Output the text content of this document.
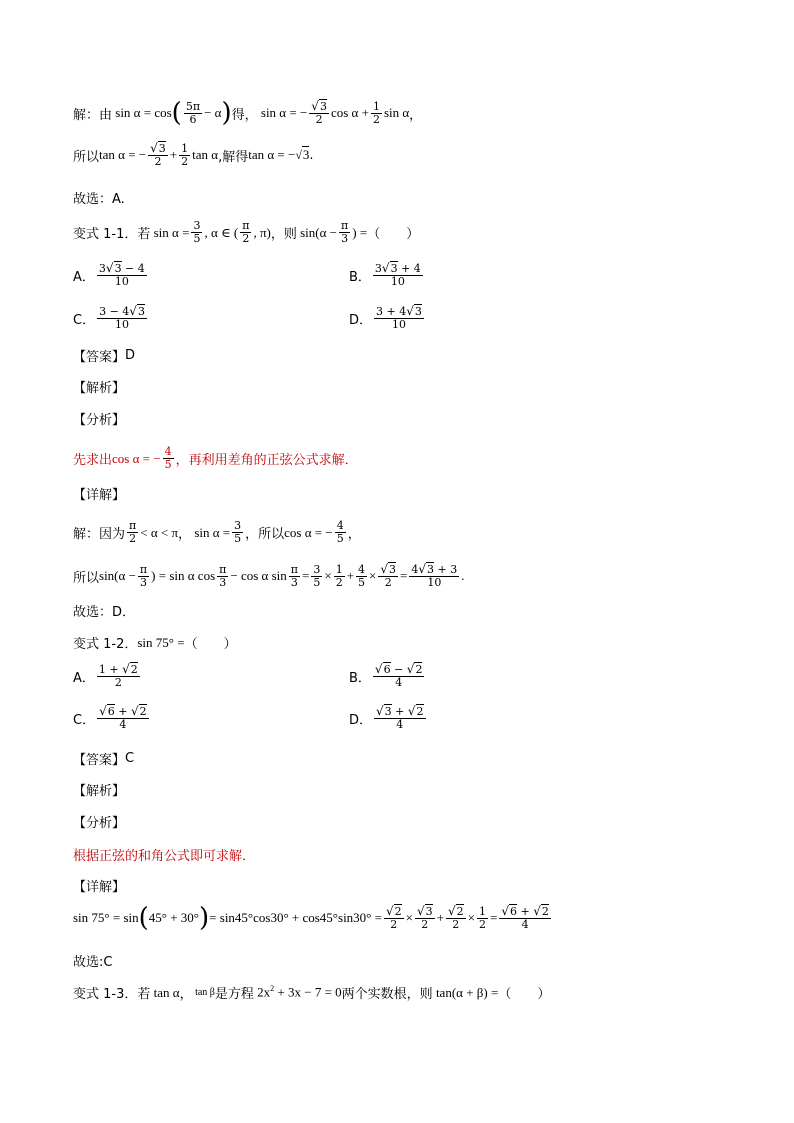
解：由 sin α = cos ( $\frac{5\pi}{6} - \alpha$ ) 得， sin α = − $\frac{√3}{2}$ $\cos \alpha + \frac{1}{2}$ sin α ，
所以 tan α = − $\frac{√3}{2} + \frac{1}{2}$ tan α ,解得 tan α = −√3 .
故选：A.
变式 1-1．若 $\sin \alpha = \frac{3}{5}$ , α ∈ ( $\frac{\pi}{2}$ , π) ，则 $\sin(\alpha - \frac{\pi}{3}$ ) = （　　）
A． $\frac{3√3 - 4}{10}$	B． $\frac{3√3 + 4}{10}$
C． $\frac{3 - 4√3}{10}$	D． $\frac{3 + 4√3}{10}$
【答案】 D
【解析】
【分析】
先求出 cos α = − $\frac{4}{5}$ ，再利用差角的正弦公式求解．
【详解】
解：因为 $\frac{\pi}{2} < \alpha < \pi$ ， $\sin \alpha = \frac{3}{5}$ ，所以 cos α = − $\frac{4}{5}$ ，
所以 $\sin(\alpha - \frac{\pi}{3}$ ) = sin α $\cos \frac{\pi}{3} - \cos \alpha$ $\sin \frac{\pi}{3} = \frac{3}{5} \times \frac{1}{2} + \frac{4}{5} \times \frac{√3}{2} = \frac{4√3 + 3}{10}$ .
故选：D．
变式 1-2． sin 75° = （　　）
A． $\frac{1 + √2}{2}$	B． $\frac{√6 - √2}{4}$
C． $\frac{√6 + √2}{4}$	D． $\frac{√3 + √2}{4}$
【答案】 C
【解析】
【分析】
根据正弦的和角公式即可求解．
【详解】
sin 75° = sin ( 45° + 30° ) = $\sin 45^\circ\cos 30^\circ + \cos 45^\circ\sin 30^\circ = \frac{√2}{2} \times \frac{√3}{2} + \frac{√2}{2} \times \frac{1}{2} = \frac{√6 + √2}{4}$
故选:C
变式 1-3．若 tan α ， tan β 是方程 $2x^2 + 3x - 7 = 0$ 两个实数根，则 tan(α + β) = （　　）
